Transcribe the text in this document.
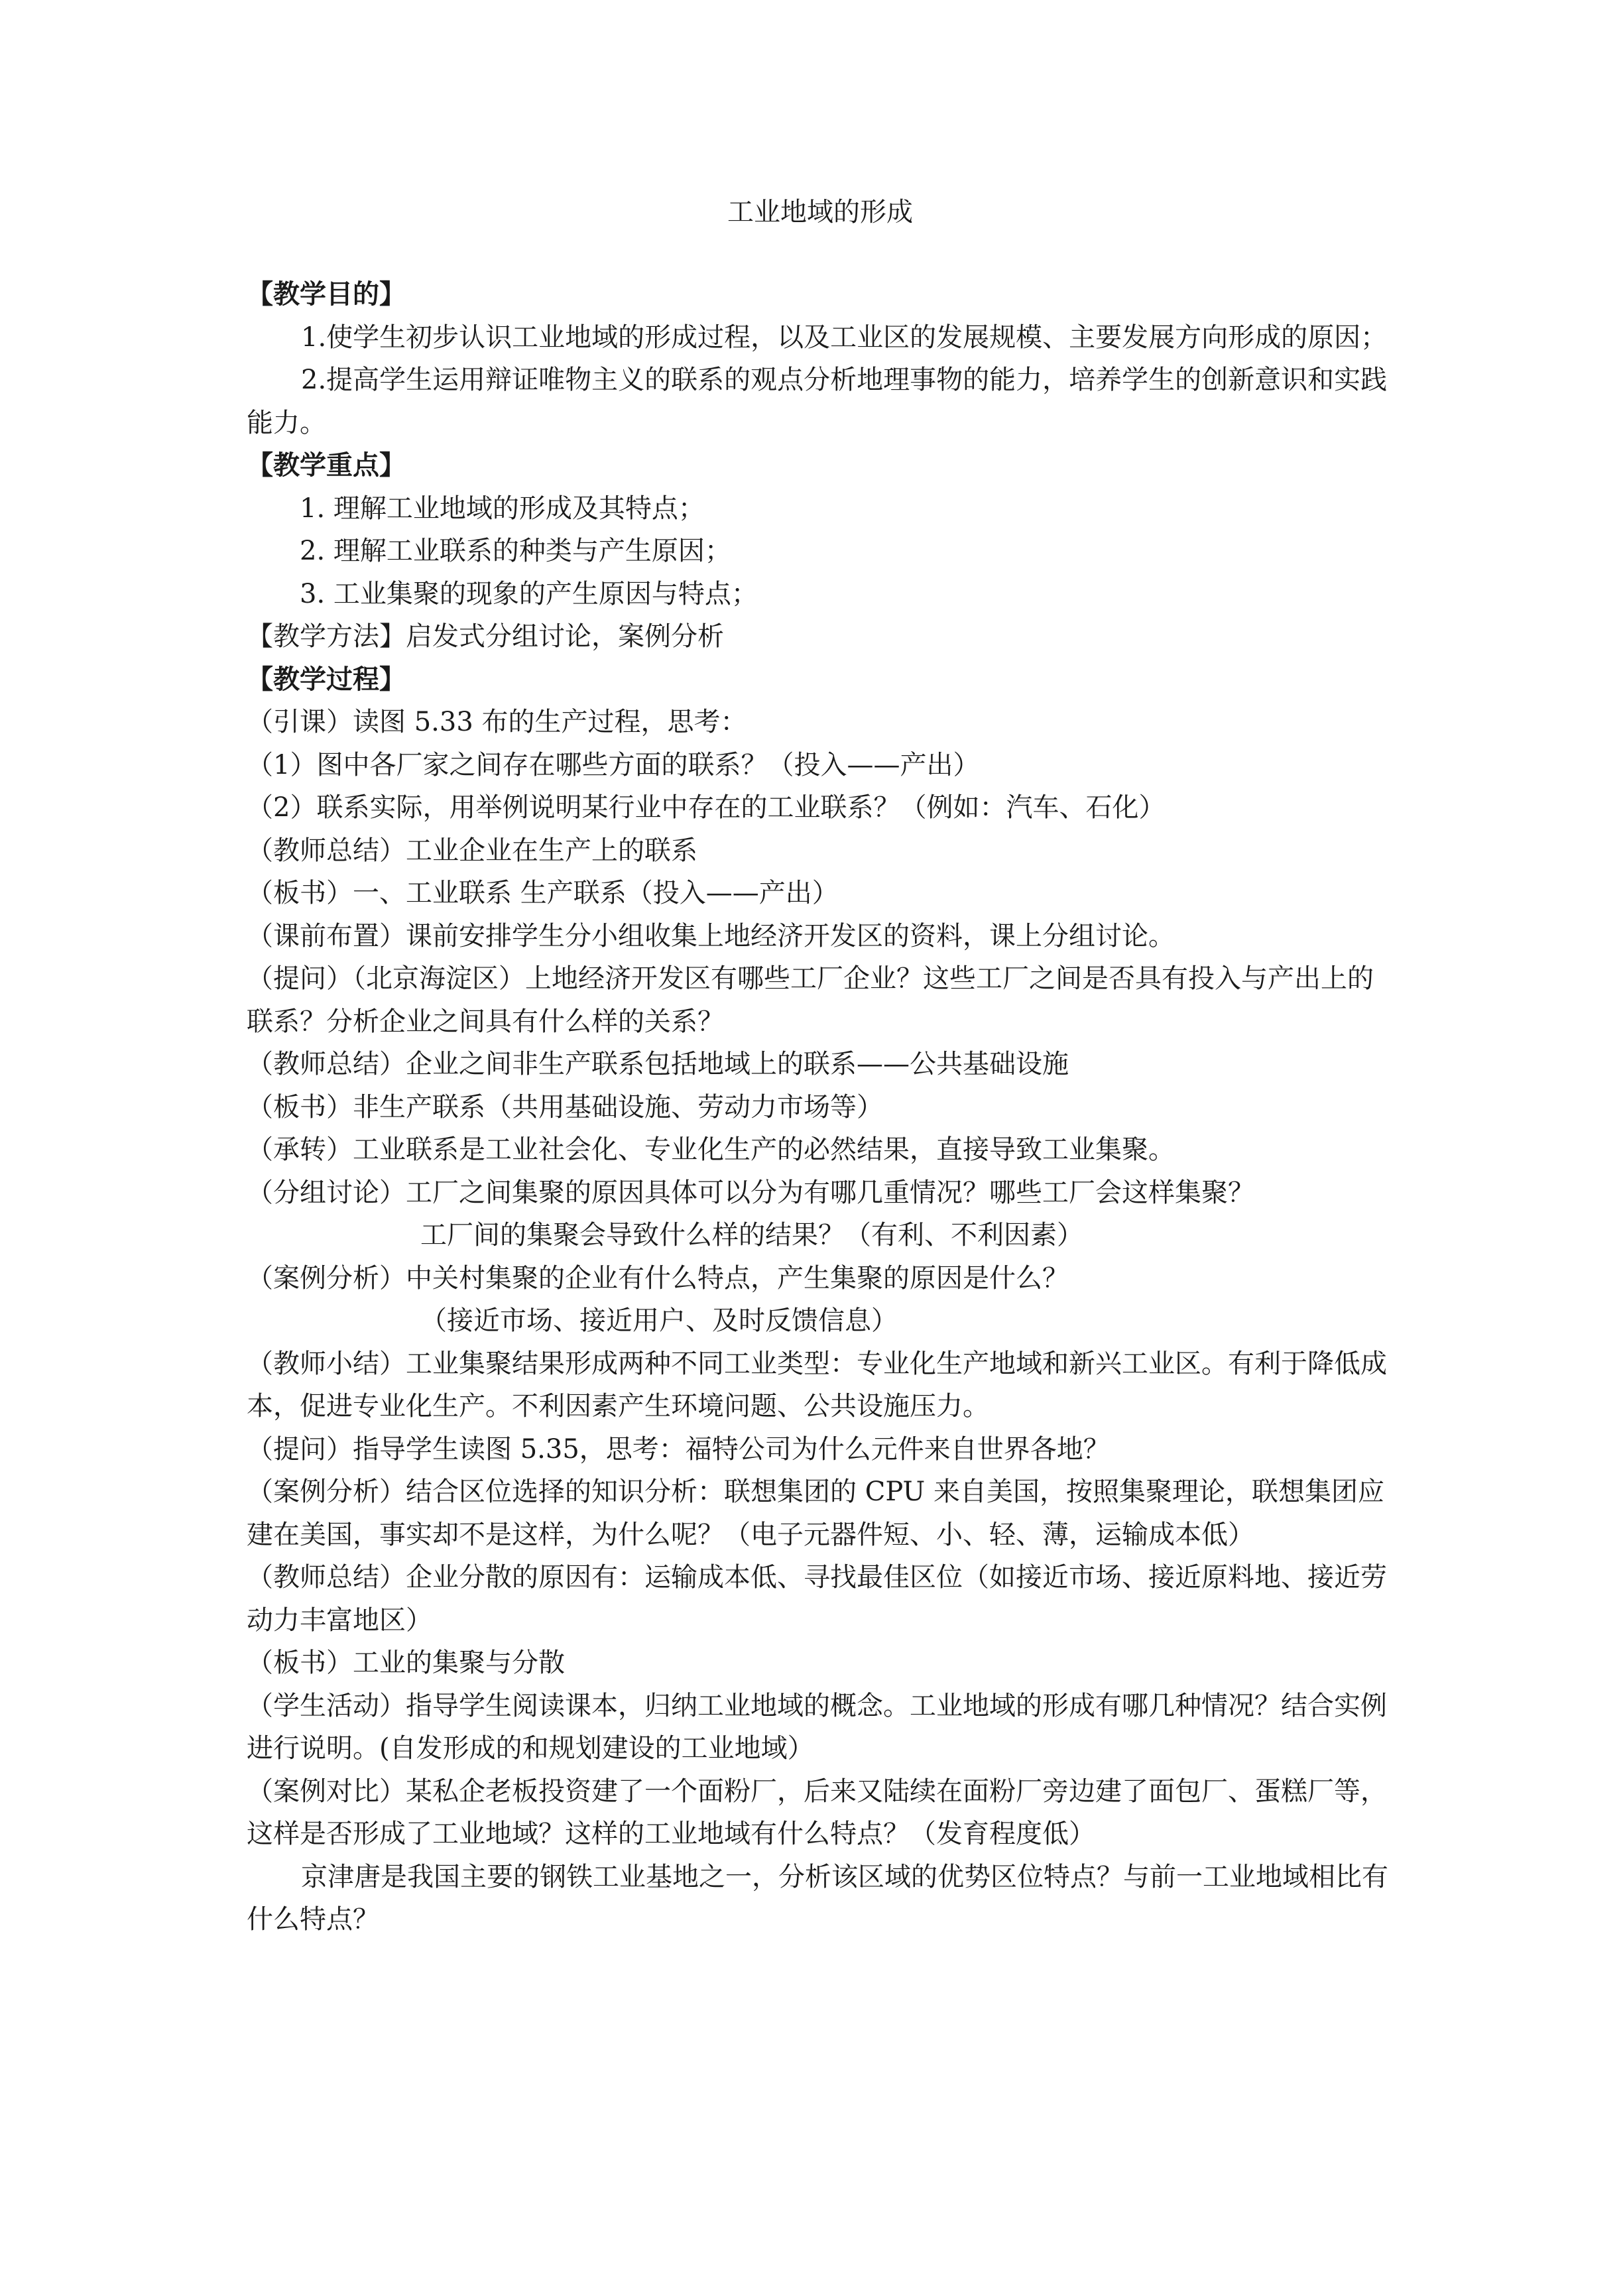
工业地域的形成

【教学目的】

1.使学生初步认识工业地域的形成过程，以及工业区的发展规模、主要发展方向形成的原因；

2.提高学生运用辩证唯物主义的联系的观点分析地理事物的能力，培养学生的创新意识和实践能力。

【教学重点】

1. 理解工业地域的形成及其特点；

2. 理解工业联系的种类与产生原因；

3. 工业集聚的现象的产生原因与特点；

【教学方法】启发式分组讨论，案例分析

【教学过程】

（引课）读图 5.33 布的生产过程，思考：

（1）图中各厂家之间存在哪些方面的联系？（投入——产出）

（2）联系实际，用举例说明某行业中存在的工业联系？（例如：汽车、石化）

（教师总结）工业企业在生产上的联系

（板书）一、工业联系 生产联系（投入——产出）

（课前布置）课前安排学生分小组收集上地经济开发区的资料，课上分组讨论。

（提问）（北京海淀区）上地经济开发区有哪些工厂企业？这些工厂之间是否具有投入与产出上的联系？分析企业之间具有什么样的关系？

（教师总结）企业之间非生产联系包括地域上的联系——公共基础设施

（板书）非生产联系（共用基础设施、劳动力市场等）

（承转）工业联系是工业社会化、专业化生产的必然结果，直接导致工业集聚。

（分组讨论）工厂之间集聚的原因具体可以分为有哪几重情况？哪些工厂会这样集聚？

工厂间的集聚会导致什么样的结果？（有利、不利因素）

（案例分析）中关村集聚的企业有什么特点，产生集聚的原因是什么？

（接近市场、接近用户、及时反馈信息）

（教师小结）工业集聚结果形成两种不同工业类型：专业化生产地域和新兴工业区。有利于降低成本，促进专业化生产。不利因素产生环境问题、公共设施压力。

（提问）指导学生读图 5.35，思考：福特公司为什么元件来自世界各地？

（案例分析）结合区位选择的知识分析：联想集团的 CPU 来自美国，按照集聚理论，联想集团应建在美国，事实却不是这样，为什么呢？（电子元器件短、小、轻、薄，运输成本低）

（教师总结）企业分散的原因有：运输成本低、寻找最佳区位（如接近市场、接近原料地、接近劳动力丰富地区）

（板书）工业的集聚与分散

（学生活动）指导学生阅读课本，归纳工业地域的概念。工业地域的形成有哪几种情况？结合实例进行说明。(自发形成的和规划建设的工业地域）

（案例对比）某私企老板投资建了一个面粉厂，后来又陆续在面粉厂旁边建了面包厂、蛋糕厂等，这样是否形成了工业地域？这样的工业地域有什么特点？（发育程度低）

京津唐是我国主要的钢铁工业基地之一，分析该区域的优势区位特点？与前一工业地域相比有什么特点？
